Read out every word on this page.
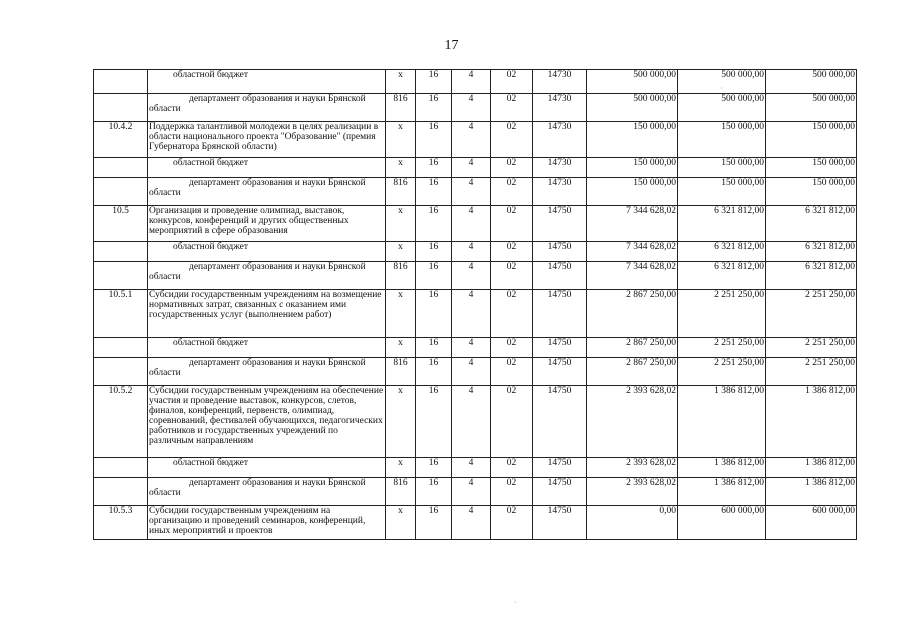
17

	областной бюджет	x	16	4	02	14730	500 000,00	500 000,00	500 000,00

	департамент образования и науки Брянской области	816	16	4	02	14730	500 000,00	500 000,00	500 000,00
10.4.2	Поддержка талантливой молодежи в целях реализации в области национального проекта "Образование" (премия Губернатора Брянской области)	x	16	4	02	14730	150 000,00	150 000,00	150 000,00

	областной бюджет	x	16	4	02	14730	150 000,00	150 000,00	150 000,00

	департамент образования и науки Брянской области	816	16	4	02	14730	150 000,00	150 000,00	150 000,00
10.5	Организация и проведение олимпиад, выставок, конкурсов, конференций и других общественных мероприятий в сфере образования	x	16	4	02	14750	7 344 628,02	6 321 812,00	6 321 812,00

	областной бюджет	x	16	4	02	14750	7 344 628,02	6 321 812,00	6 321 812,00

	департамент образования и науки Брянской области	816	16	4	02	14750	7 344 628,02	6 321 812,00	6 321 812,00
10.5.1	Субсидии государственным учреждениям на возмещение нормативных затрат, связанных с оказанием ими государственных услуг (выполнением работ)	x	16	4	02	14750	2 867 250,00	2 251 250,00	2 251 250,00

	областной бюджет	x	16	4	02	14750	2 867 250,00	2 251 250,00	2 251 250,00

	департамент образования и науки Брянской области	816	16	4	02	14750	2 867 250,00	2 251 250,00	2 251 250,00
10.5.2	Субсидии государственным учреждениям на обеспечение участия и проведение выставок, конкурсов, слетов, финалов, конференций, первенств, олимпиад, соревнований, фестивалей обучающихся, педагогических работников и государственных учреждений по различным направлениям	x	16	4	02	14750	2 393 628,02	1 386 812,00	1 386 812,00

	областной бюджет	x	16	4	02	14750	2 393 628,02	1 386 812,00	1 386 812,00

	департамент образования и науки Брянской области	816	16	4	02	14750	2 393 628,02	1 386 812,00	1 386 812,00
10.5.3	Субсидии государственным учреждениям на организацию и проведений семинаров, конференций, иных мероприятий и проектов	x	16	4	02	14750	0,00	600 000,00	600 000,00
·
·
